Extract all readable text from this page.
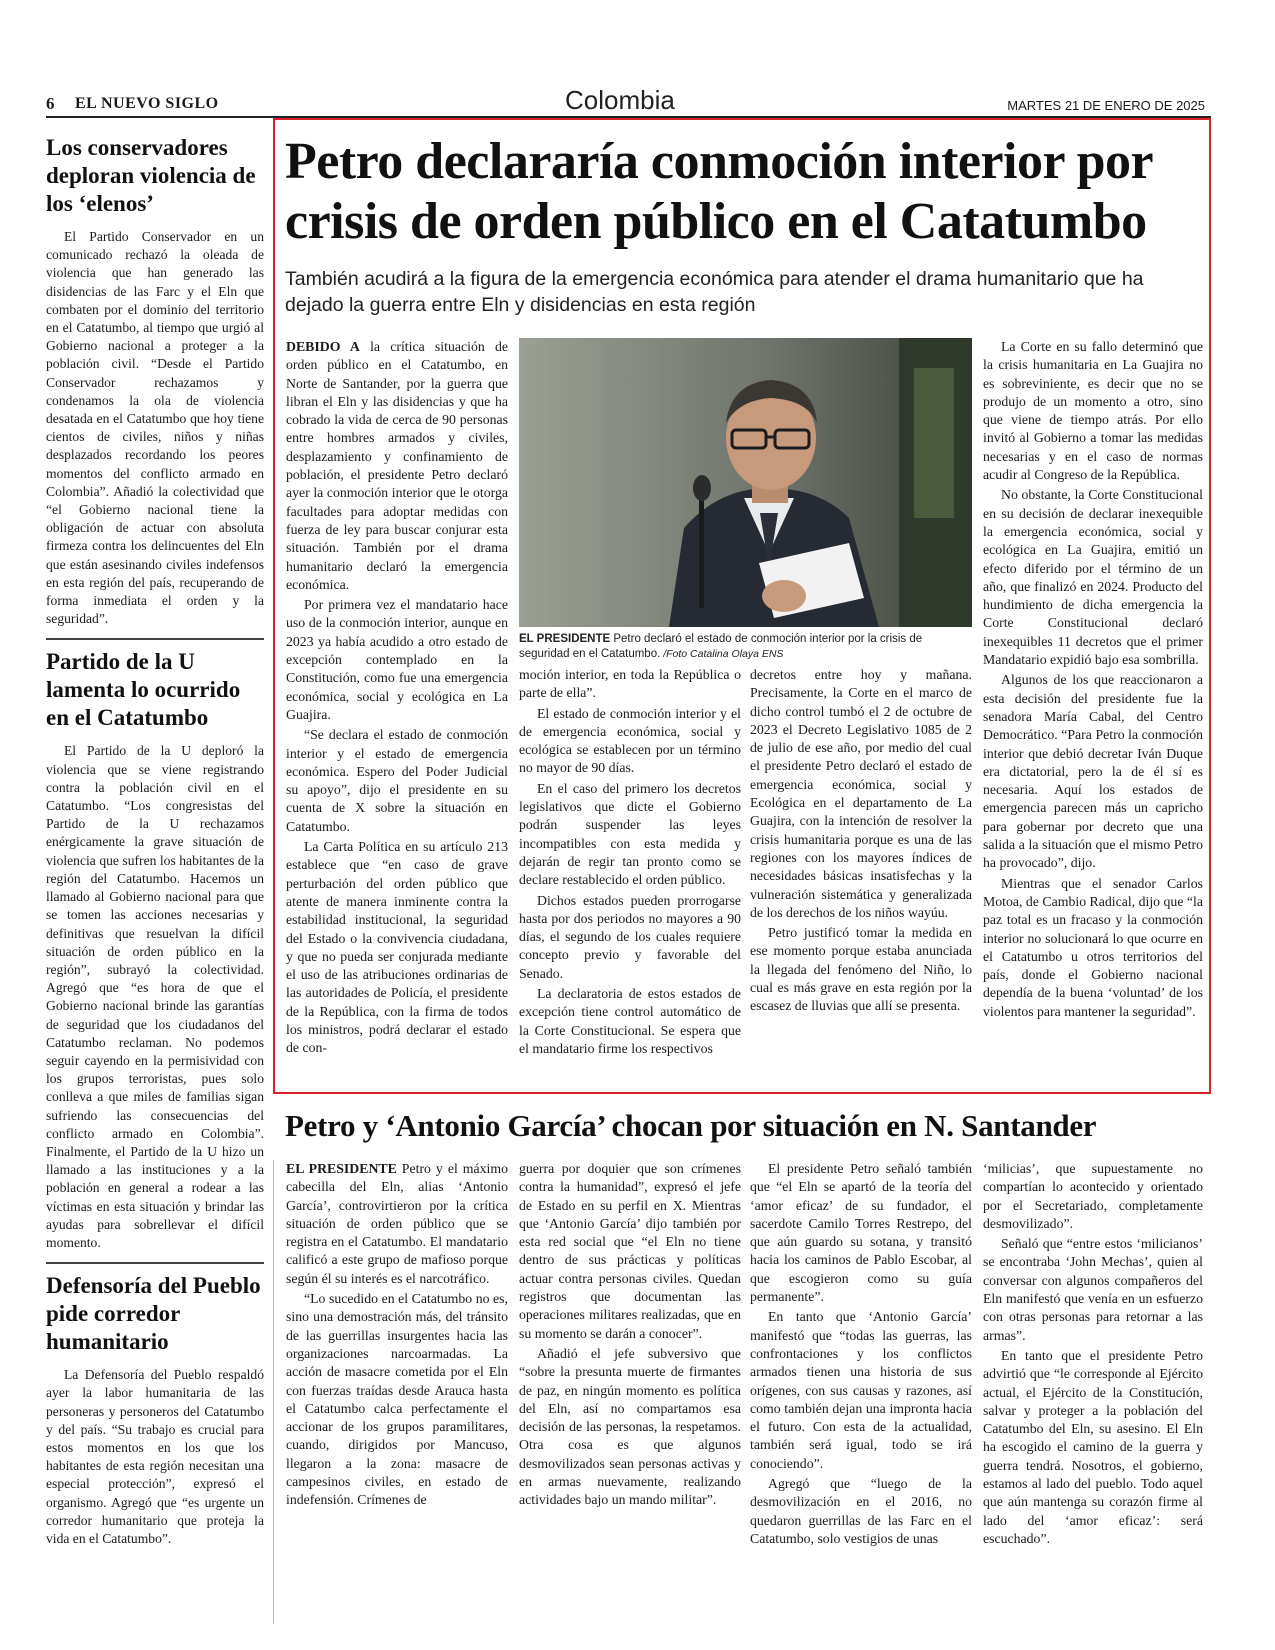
6 EL NUEVO SIGLO	Colombia	MARTES 21 DE ENERO DE 2025
Los conservadores deploran violencia de los ‘elenos’

El Partido Conservador en un comunicado rechazó la oleada de violencia que han generado las disidencias de las Farc y el Eln que combaten por el dominio del territorio en el Catatumbo, al tiempo que urgió al Gobierno nacional a proteger a la población civil. “Desde el Partido Conservador rechazamos y condenamos la ola de violencia desatada en el Catatumbo que hoy tiene cientos de civiles, niños y niñas desplazados recordando los peores momentos del conflicto armado en Colombia”. Añadió la colectividad que “el Gobierno nacional tiene la obligación de actuar con absoluta firmeza contra los delincuentes del Eln que están asesinando civiles indefensos en esta región del país, recuperando de forma inmediata el orden y la seguridad”.

Partido de la U lamenta lo ocurrido en el Catatumbo

El Partido de la U deploró la violencia que se viene registrando contra la población civil en el Catatumbo. “Los congresistas del Partido de la U rechazamos enérgicamente la grave situación de violencia que sufren los habitantes de la región del Catatumbo. Hacemos un llamado al Gobierno nacional para que se tomen las acciones necesarias y definitivas que resuelvan la difícil situación de orden público en la región”, subrayó la colectividad. Agregó que “es hora de que el Gobierno nacional brinde las garantías de seguridad que los ciudadanos del Catatumbo reclaman. No podemos seguir cayendo en la permisividad con los grupos terroristas, pues solo conlleva a que miles de familias sigan sufriendo las consecuencias del conflicto armado en Colombia”. Finalmente, el Partido de la U hizo un llamado a las instituciones y a la población en general a rodear a las víctimas en esta situación y brindar las ayudas para sobrellevar el difícil momento.

Defensoría del Pueblo pide corredor humanitario

La Defensoría del Pueblo respaldó ayer la labor humanitaria de las personeras y personeros del Catatumbo y del país. “Su trabajo es crucial para estos momentos en los que los habitantes de esta región necesitan una especial protección”, expresó el organismo. Agregó que “es urgente un corredor humanitario que proteja la vida en el Catatumbo”.

Petro declararía conmoción interior por crisis de orden público en el Catatumbo
También acudirá a la figura de la emergencia económica para atender el drama humanitario que ha dejado la guerra entre Eln y disidencias en esta región

DEBIDO A la crítica situación de orden público en el Catatumbo, en Norte de Santander, por la guerra que libran el Eln y las disidencias y que ha cobrado la vida de cerca de 90 personas entre hombres armados y civiles, desplazamiento y confinamiento de población, el presidente Petro declaró ayer la conmoción interior que le otorga facultades para adoptar medidas con fuerza de ley para buscar conjurar esta situación. También por el drama humanitario declaró la emergencia económica.

Por primera vez el mandatario hace uso de la conmoción interior, aunque en 2023 ya había acudido a otro estado de excepción contemplado en la Constitución, como fue una emergencia económica, social y ecológica en La Guajira.

“Se declara el estado de conmoción interior y el estado de emergencia económica. Espero del Poder Judicial su apoyo”, dijo el presidente en su cuenta de X sobre la situación en Catatumbo.

La Carta Política en su artículo 213 establece que “en caso de grave perturbación del orden público que atente de manera inminente contra la estabilidad institucional, la seguridad del Estado o la convivencia ciudadana, y que no pueda ser conjurada mediante el uso de las atribuciones ordinarias de las autoridades de Policía, el presidente de la República, con la firma de todos los ministros, podrá declarar el estado de con-

EL PRESIDENTE Petro declaró el estado de conmoción interior por la crisis de seguridad en el Catatumbo. /Foto Catalina Olaya ENS

moción interior, en toda la República o parte de ella”.

El estado de conmoción interior y el de emergencia económica, social y ecológica se establecen por un término no mayor de 90 días.

En el caso del primero los decretos legislativos que dicte el Gobierno podrán suspender las leyes incompatibles con esta medida y dejarán de regir tan pronto como se declare restablecido el orden público.

Dichos estados pueden prorrogarse hasta por dos periodos no mayores a 90 días, el segundo de los cuales requiere concepto previo y favorable del Senado.

La declaratoria de estos estados de excepción tiene control automático de la Corte Constitucional. Se espera que el mandatario firme los respectivos

decretos entre hoy y mañana. Precisamente, la Corte en el marco de dicho control tumbó el 2 de octubre de 2023 el Decreto Legislativo 1085 de 2 de julio de ese año, por medio del cual el presidente Petro declaró el estado de emergencia económica, social y Ecológica en el departamento de La Guajira, con la intención de resolver la crisis humanitaria porque es una de las regiones con los mayores índices de necesidades básicas insatisfechas y la vulneración sistemática y generalizada de los derechos de los niños wayúu.

Petro justificó tomar la medida en ese momento porque estaba anunciada la llegada del fenómeno del Niño, lo cual es más grave en esta región por la escasez de lluvias que allí se presenta.

La Corte en su fallo determinó que la crisis humanitaria en La Guajira no es sobreviniente, es decir que no se produjo de un momento a otro, sino que viene de tiempo atrás. Por ello invitó al Gobierno a tomar las medidas necesarias y en el caso de normas acudir al Congreso de la República.

No obstante, la Corte Constitucional en su decisión de declarar inexequible la emergencia económica, social y ecológica en La Guajira, emitió un efecto diferido por el término de un año, que finalizó en 2024. Producto del hundimiento de dicha emergencia la Corte Constitucional declaró inexequibles 11 decretos que el primer Mandatario expidió bajo esa sombrilla.

Algunos de los que reaccionaron a esta decisión del presidente fue la senadora María Cabal, del Centro Democrático. “Para Petro la conmoción interior que debió decretar Iván Duque era dictatorial, pero la de él sí es necesaria. Aquí los estados de emergencia parecen más un capricho para gobernar por decreto que una salida a la situación que el mismo Petro ha provocado”, dijo.

Mientras que el senador Carlos Motoa, de Cambio Radical, dijo que “la paz total es un fracaso y la conmoción interior no solucionará lo que ocurre en el Catatumbo u otros territorios del país, donde el Gobierno nacional dependía de la buena ‘voluntad’ de los violentos para mantener la seguridad”.

Petro y ‘Antonio García’ chocan por situación en N. Santander

EL PRESIDENTE Petro y el máximo cabecilla del Eln, alias ‘Antonio García’, controvirtieron por la crítica situación de orden público que se registra en el Catatumbo. El mandatario calificó a este grupo de mafioso porque según él su interés es el narcotráfico.

“Lo sucedido en el Catatumbo no es, sino una demostración más, del tránsito de las guerrillas insurgentes hacia las organizaciones narcoarmadas. La acción de masacre cometida por el Eln con fuerzas traídas desde Arauca hasta el Catatumbo calca perfectamente el accionar de los grupos paramilitares, cuando, dirigidos por Mancuso, llegaron a la zona: masacre de campesinos civiles, en estado de indefensión. Crímenes de

guerra por doquier que son crímenes contra la humanidad”, expresó el jefe de Estado en su perfil en X. Mientras que ‘Antonio García’ dijo también por esta red social que “el Eln no tiene dentro de sus prácticas y políticas actuar contra personas civiles. Quedan registros que documentan las operaciones militares realizadas, que en su momento se darán a conocer”.

Añadió el jefe subversivo que “sobre la presunta muerte de firmantes de paz, en ningún momento es política del Eln, así no compartamos esa decisión de las personas, la respetamos. Otra cosa es que algunos desmovilizados sean personas activas y en armas nuevamente, realizando actividades bajo un mando militar”.

El presidente Petro señaló también que “el Eln se apartó de la teoría del ‘amor eficaz’ de su fundador, el sacerdote Camilo Torres Restrepo, del que aún guardo su sotana, y transitó hacia los caminos de Pablo Escobar, al que escogieron como su guía permanente”.

En tanto que ‘Antonio García’ manifestó que “todas las guerras, las confrontaciones y los conflictos armados tienen una historia de sus orígenes, con sus causas y razones, así como también dejan una impronta hacia el futuro. Con esta de la actualidad, también será igual, todo se irá conociendo”.

Agregó que “luego de la desmovilización en el 2016, no quedaron guerrillas de las Farc en el Catatumbo, solo vestigios de unas

‘milicias’, que supuestamente no compartían lo acontecido y orientado por el Secretariado, completamente desmovilizado”.

Señaló que “entre estos ‘milicianos’ se encontraba ‘John Mechas’, quien al conversar con algunos compañeros del Eln manifestó que venía en un esfuerzo con otras personas para retornar a las armas”.

En tanto que el presidente Petro advirtió que “le corresponde al Ejército actual, el Ejército de la Constitución, salvar y proteger a la población del Catatumbo del Eln, su asesino. El Eln ha escogido el camino de la guerra y guerra tendrá. Nosotros, el gobierno, estamos al lado del pueblo. Todo aquel que aún mantenga su corazón firme al lado del ‘amor eficaz’: será escuchado”.
